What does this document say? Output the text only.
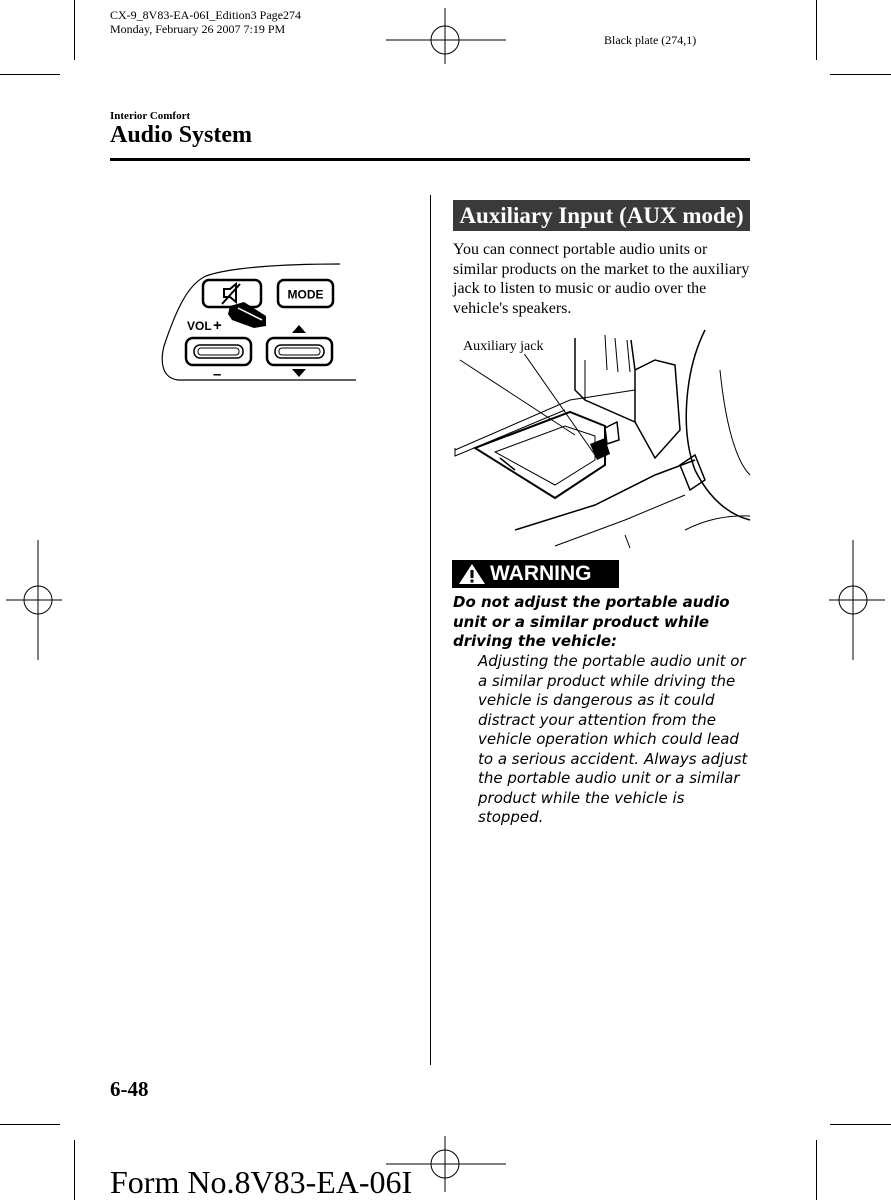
CX-9_8V83-EA-06I_Edition3 Page274
Monday, February 26 2007 7:19 PM
Black plate (274,1)
Interior Comfort
Audio System
MODE
VOL +
–
Auxiliary Input (AUX mode)
You can connect portable audio units or similar products on the market to the auxiliary jack to listen to music or audio over the vehicle's speakers.
Auxiliary jack
WARNING
Do not adjust the portable audio unit or a similar product while driving the vehicle:
Adjusting the portable audio unit or a similar product while driving the vehicle is dangerous as it could distract your attention from the vehicle operation which could lead to a serious accident. Always adjust the portable audio unit or a similar product while the vehicle is stopped.
6-48
Form No.8V83-EA-06I
